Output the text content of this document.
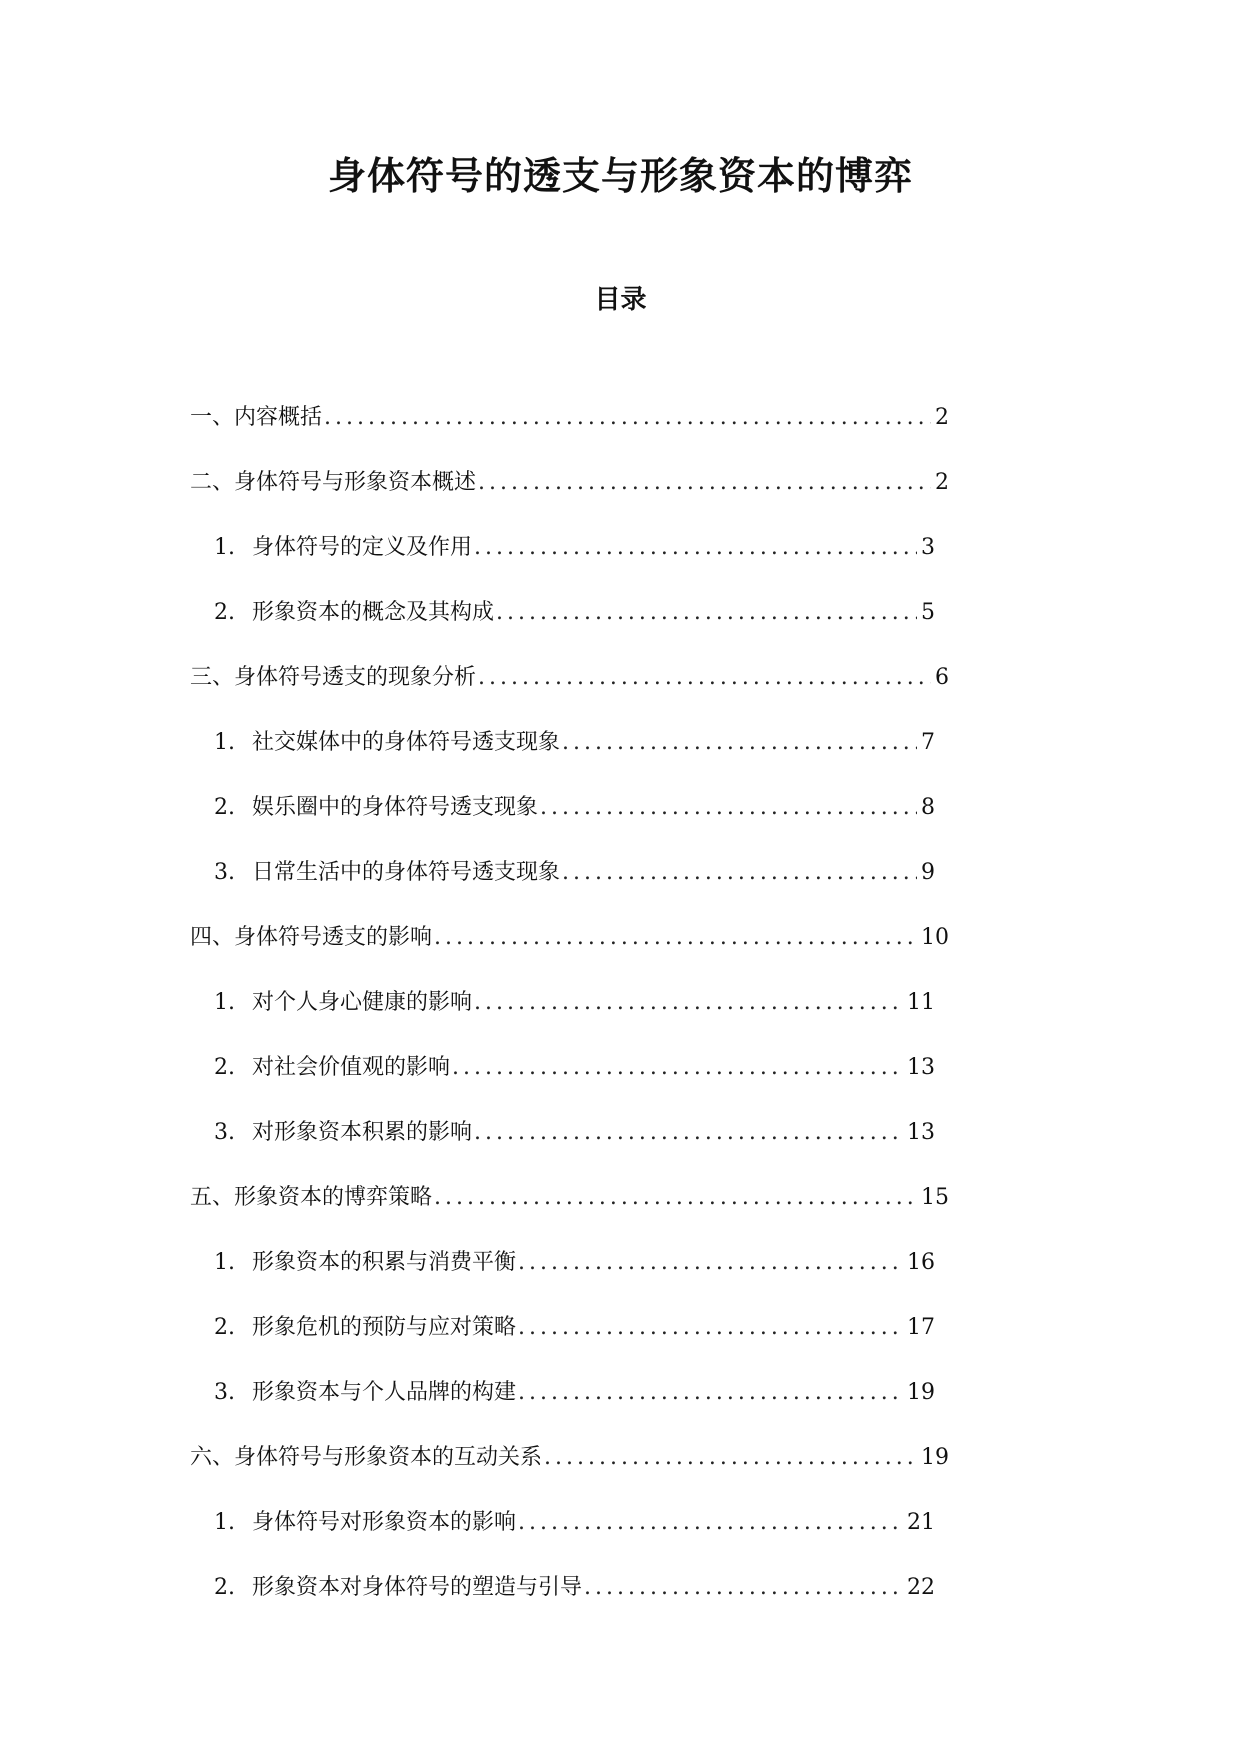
身体符号的透支与形象资本的博弈
目录
一、内容概括 .....	2
二、身体符号与形象资本概述 .....	2
1. 身体符号的定义及作用 .....	3
2. 形象资本的概念及其构成 .....	5
三、身体符号透支的现象分析 .....	6
1. 社交媒体中的身体符号透支现象 .....	7
2. 娱乐圈中的身体符号透支现象 .....	8
3. 日常生活中的身体符号透支现象 .....	9
四、身体符号透支的影响 .....	10
1. 对个人身心健康的影响 .....	11
2. 对社会价值观的影响 .....	13
3. 对形象资本积累的影响 .....	13
五、形象资本的博弈策略 .....	15
1. 形象资本的积累与消费平衡 .....	16
2. 形象危机的预防与应对策略 .....	17
3. 形象资本与个人品牌的构建 .....	19
六、身体符号与形象资本的互动关系 .....	19
1. 身体符号对形象资本的影响 .....	21
2. 形象资本对身体符号的塑造与引导 .....	22
